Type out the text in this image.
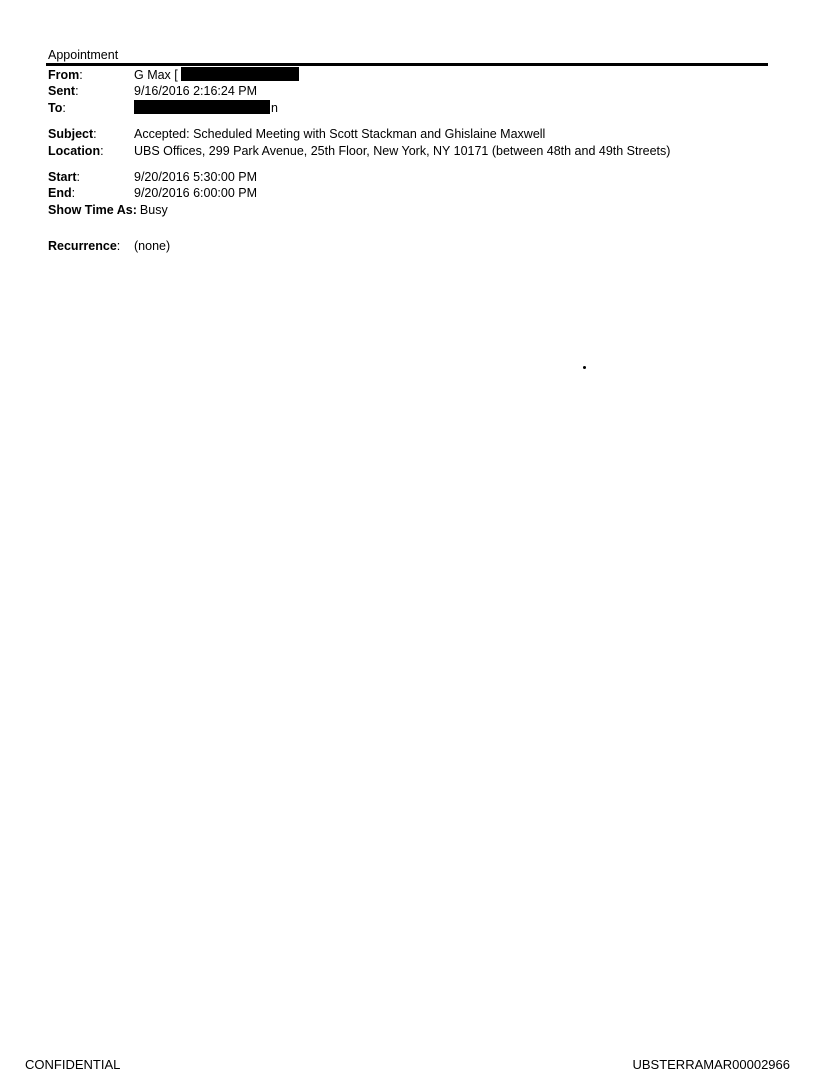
Appointment
From:	G Max [
Sent:	9/16/2016 2:16:24 PM
To:	n
Subject:	Accepted: Scheduled Meeting with Scott Stackman and Ghislaine Maxwell
Location: UBS Offices, 299 Park Avenue, 25th Floor, New York, NY 10171 (between 48th and 49th Streets)
Start:	9/20/2016 5:30:00 PM
End:	9/20/2016 6:00:00 PM
Show Time As: Busy
Recurrence: (none)
CONFIDENTIAL	UBSTERRAMAR00002966
